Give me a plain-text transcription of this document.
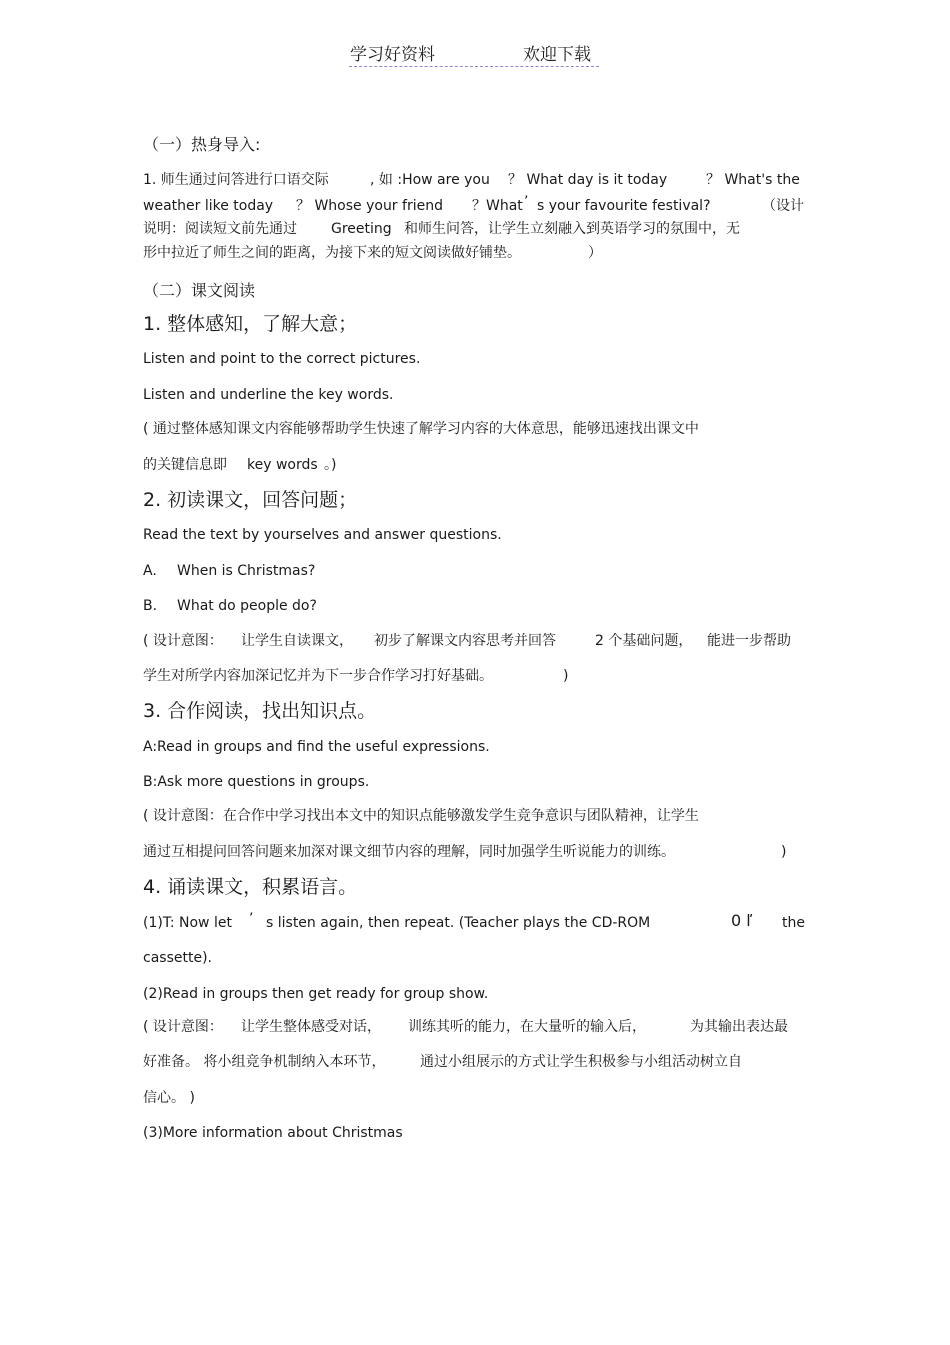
学习好资料	欢迎下载
（一）热身导入:
1. 师生通过问答进行口语交际	, 如 :How are you ？ What day is it today	？ What's the
weather like today ？ Whose your friend ？What ’ s your favourite festival?	（设计
说明：阅读短文前先通过 Greeting 和师生问答，让学生立刻融入到英语学习的氛围中，无
形中拉近了师生之间的距离，为接下来的短文阅读做好铺垫。	）
（二）课文阅读
1. 整体感知，了解大意；
Listen and point to the correct pictures.
Listen and underline the key words.
( 通过整体感知课文内容能够帮助学生快速了解学习内容的大体意思，能够迅速找出课文中
的关键信息即 key words 。)
2. 初读课文，回答问题；
Read the text by yourselves and answer questions.
A. When is Christmas?
B. What do people do?
( 设计意图： 让学生自读课文， 初步了解课文内容思考并回答	2 个基础问题， 能进一步帮助
学生对所学内容加深记忆并为下一步合作学习打好基础。	)
3. 合作阅读，找出知识点。
A:Read in groups and find the useful expressions.
B:Ask more questions in groups.
( 设计意图：在合作中学习找出本文中的知识点能够激发学生竞争意识与团队精神，让学生
通过互相提问回答问题来加深对课文细节内容的理解，同时加强学生听说能力的训练。	)
4. 诵读课文，积累语言。
(1)T: Now let ’ s listen again, then repeat. (Teacher plays the CD-ROM	0 ľ the
cassette).
(2)Read in groups then get ready for group show.
( 设计意图： 让学生整体感受对话， 训练其听的能力，在大量听的输入后，	为其输出表达最
好准备。 将小组竞争机制纳入本环节， 通过小组展示的方式让学生积极参与小组活动树立自
信心。 )
(3)More information about Christmas
